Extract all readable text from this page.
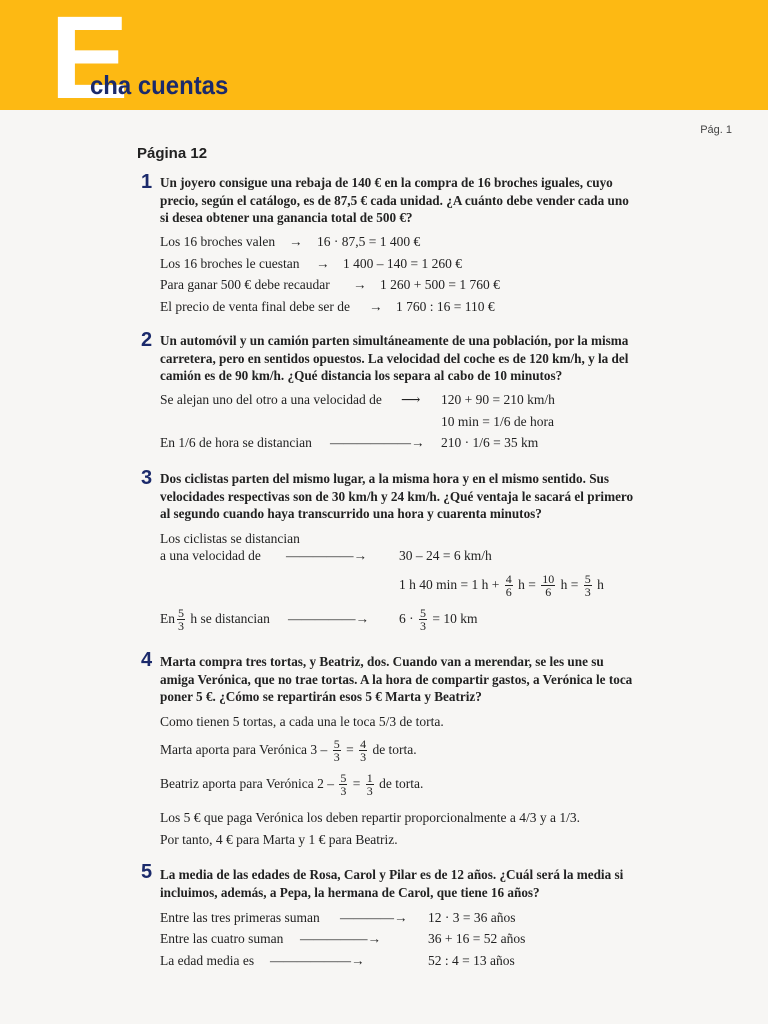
E
cha cuentas
Pág. 1
Página 12
1 Un joyero consigue una rebaja de 140 € en la compra de 16 broches iguales, cuyo precio, según el catálogo, es de 87,5 € cada unidad. ¿A cuánto debe vender cada uno si desea obtener una ganancia total de 500 €?
Los 16 broches valen → 16 · 87,5 = 1 400 €
Los 16 broches le cuestan → 1 400 – 140 = 1 260 €
Para ganar 500 € debe recaudar → 1 260 + 500 = 1 760 €
El precio de venta final debe ser de → 1 760 : 16 = 110 €
2 Un automóvil y un camión parten simultáneamente de una población, por la misma carretera, pero en sentidos opuestos. La velocidad del coche es de 120 km/h, y la del camión es de 90 km/h. ¿Qué distancia los separa al cabo de 10 minutos?
Se alejan uno del otro a una velocidad de ⟶ 120 + 90 = 210 km/h
10 min = 1/6 de hora
En 1/6 de hora se distancian ——————→ 210 · 1/6 = 35 km
3 Dos ciclistas parten del mismo lugar, a la misma hora y en el mismo sentido. Sus velocidades respectivas son de 30 km/h y 24 km/h. ¿Qué ventaja le sacará el primero al segundo cuando haya transcurrido una hora y cuarenta minutos?
Los ciclistas se distancian
a una velocidad de —————→ 30 – 24 = 6 km/h
1 h 40 min = 1 $h + \frac{4}{6}$ $h = \frac{10}{6}$ $h = \frac{5}{3}$ h
En $\frac{5}{3}$ h se distancian —————→ $6 \cdot \frac{5}{3} = 10$ km
4 Marta compra tres tortas, y Beatriz, dos. Cuando van a merendar, se les une su amiga Verónica, que no trae tortas. A la hora de compartir gastos, a Verónica le toca poner 5 €. ¿Cómo se repartirán esos 5 € Marta y Beatriz?
Como tienen 5 tortas, a cada una le toca 5/3 de torta.
Marta aporta para Verónica $3 - \frac{5}{3} = \frac{4}{3}$ de torta.
Beatriz aporta para Verónica $2 - \frac{5}{3} = \frac{1}{3}$ de torta.
Los 5 € que paga Verónica los deben repartir proporcionalmente a 4/3 y a 1/3.
Por tanto, 4 € para Marta y 1 € para Beatriz.
5 La media de las edades de Rosa, Carol y Pilar es de 12 años. ¿Cuál será la media si incluimos, además, a Pepa, la hermana de Carol, que tiene 16 años?
Entre las tres primeras suman ————→ 12 · 3 = 36 años
Entre las cuatro suman —————→	36 + 16 = 52 años
La edad media es ——————→	52 : 4 = 13 años
